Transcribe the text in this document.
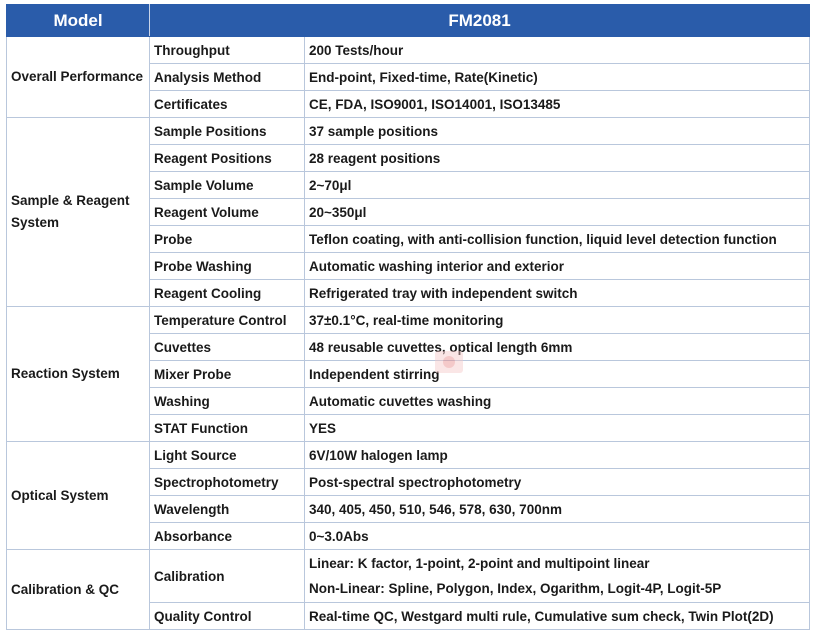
Model	FM2081	
Overall Performance	Throughput	200 Tests/hour
	Analysis Method	End-point, Fixed-time, Rate(Kinetic)
	Certificates	CE, FDA, ISO9001, ISO14001, ISO13485
Sample & Reagent System	Sample Positions	37 sample positions
	Reagent Positions	28 reagent positions
	Sample Volume	2~70μl
	Reagent Volume	20~350μl
	Probe	Teflon coating, with anti-collision function, liquid level detection function
	Probe Washing	Automatic washing interior and exterior
	Reagent Cooling	Refrigerated tray with independent switch
Reaction System	Temperature Control	37±0.1°C, real-time monitoring
	Cuvettes	48 reusable cuvettes, optical length 6mm
	Mixer Probe	Independent stirring
	Washing	Automatic cuvettes washing
	STAT Function	YES
Optical System	Light Source	6V/10W halogen lamp
	Spectrophotometry	Post-spectral spectrophotometry
	Wavelength	340, 405, 450, 510, 546, 578, 630, 700nm
	Absorbance	0~3.0Abs
Calibration & QC	Calibration	Linear: K factor, 1-point, 2-point and multipoint linear
Non-Linear: Spline, Polygon, Index, Ogarithm, Logit-4P, Logit-5P

	Quality Control	Real-time QC, Westgard multi rule, Cumulative sum check, Twin Plot(2D)
